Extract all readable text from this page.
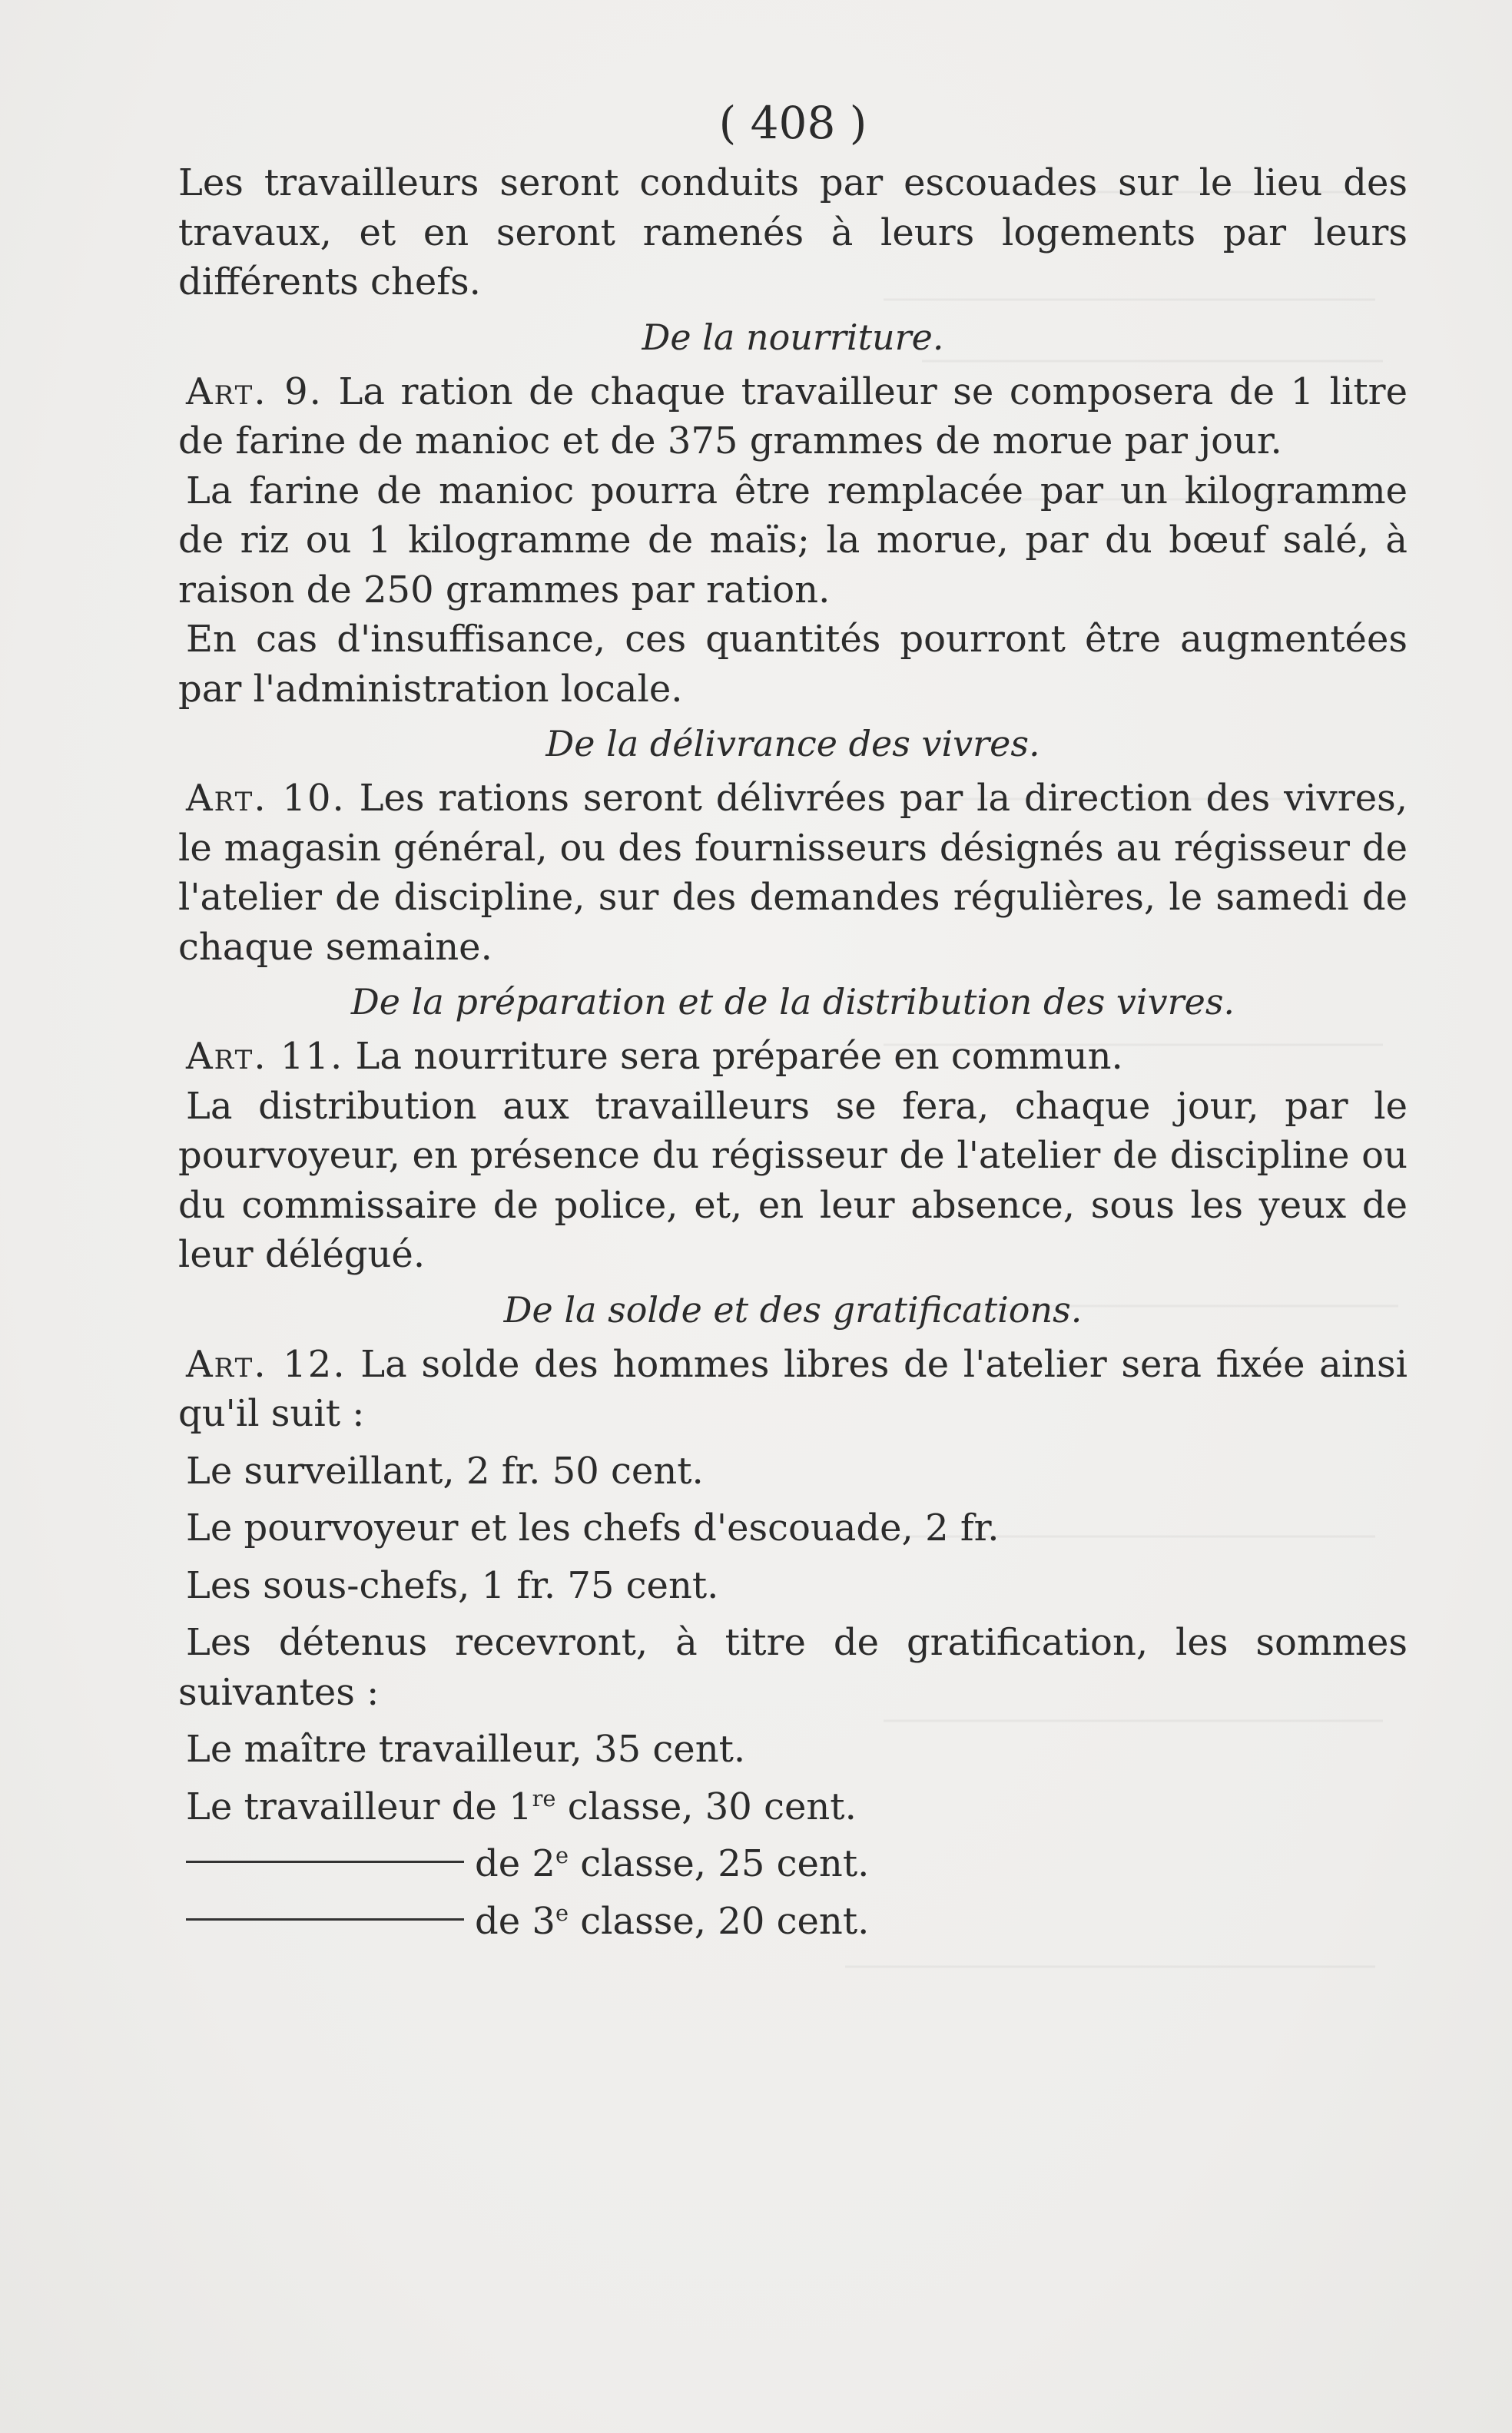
( 408 )

Les travailleurs seront conduits par escouades sur le lieu des travaux, et en seront ramenés à leurs logements par leurs différents chefs.

De la nourriture.

Art. 9. La ration de chaque travailleur se composera de 1 litre de farine de manioc et de 375 grammes de morue par jour.

La farine de manioc pourra être remplacée par un kilogramme de riz ou 1 kilogramme de maïs; la morue, par du bœuf salé, à raison de 250 grammes par ration.

En cas d'insuffisance, ces quantités pourront être augmentées par l'administration locale.

De la délivrance des vivres.

Art. 10. Les rations seront délivrées par la direction des vivres, le magasin général, ou des fournisseurs désignés au régisseur de l'atelier de discipline, sur des demandes régulières, le samedi de chaque semaine.

De la préparation et de la distribution des vivres.

Art. 11. La nourriture sera préparée en commun.

La distribution aux travailleurs se fera, chaque jour, par le pourvoyeur, en présence du régisseur de l'atelier de discipline ou du commissaire de police, et, en leur absence, sous les yeux de leur délégué.

De la solde et des gratifications.

Art. 12. La solde des hommes libres de l'atelier sera fixée ainsi qu'il suit :

Le surveillant, 2 fr. 50 cent.

Le pourvoyeur et les chefs d'escouade, 2 fr.

Les sous-chefs, 1 fr. 75 cent.

Les détenus recevront, à titre de gratification, les sommes suivantes :

Le maître travailleur, 35 cent.

Le travailleur de 1re classe, 30 cent.

de 2e classe, 25 cent.

de 3e classe, 20 cent.
